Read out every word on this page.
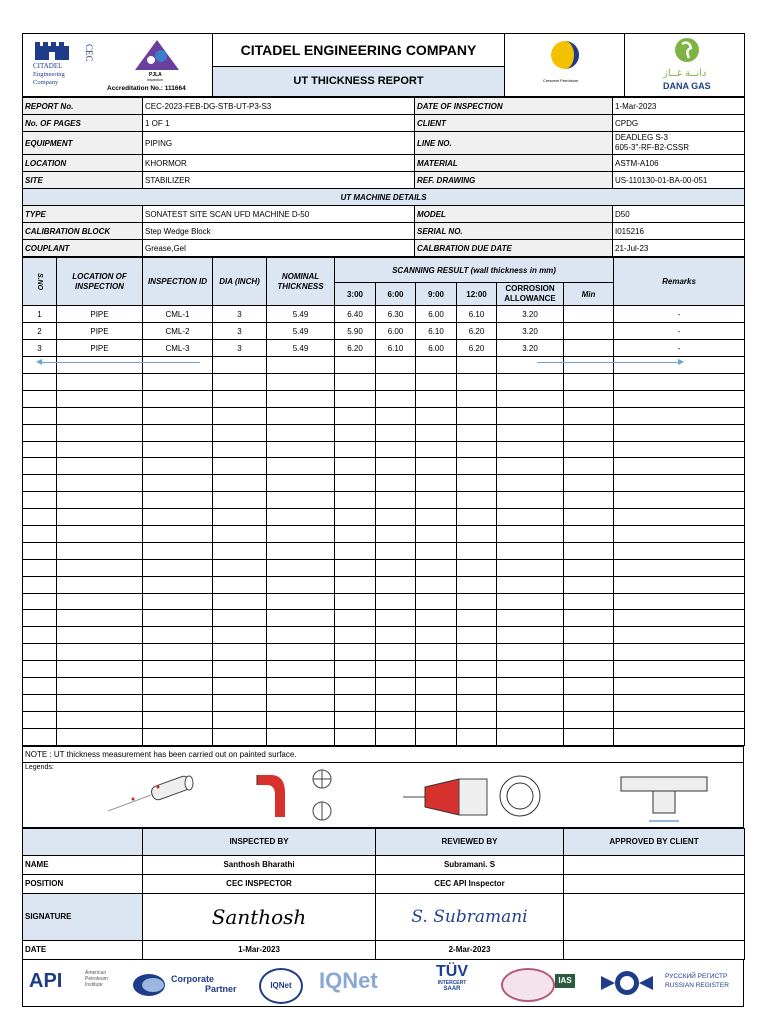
CITADEL
Engineering
Company
CEC
PJLA
Inspection
Accreditation No.: 111664
	CITADEL ENGINEERING COMPANY	
Crescent Petroleum

دانــة غــاز
DANA GAS

UT THICKNESS REPORT
REPORT No.	CEC-2023-FEB-DG-STB-UT-P3-S3	DATE OF INSPECTION	1-Mar-2023
No. OF PAGES	1 OF 1	CLIENT	CPDG
EQUIPMENT	PIPING	LINE NO.	DEADLEG S-3
605-3"-RF-B2-CSSR

LOCATION	KHORMOR	MATERIAL	ASTM-A106
SITE	STABILIZER	REF. DRAWING	US-110130-01-BA-00-051
UT MACHINE DETAILS			
TYPE	SONATEST SITE SCAN UFD MACHINE D-50	MODEL	D50
CALIBRATION BLOCK	Step Wedge Block	SERIAL NO.	I015216
COUPLANT	Grease,Gel	CALBRATION DUE DATE	21-Jul-23
S.NO	LOCATION OF INSPECTION	INSPECTION ID	DIA (INCH)	NOMINAL THICKNESS	SCANNING RESULT (wall thickness in mm)						Remarks
					3:00	6:00	9:00	12:00	CORROSION ALLOWANCE	Min	
1	PIPE	CML-1	3	5.49	6.40	6.30	6.00	6.10	3.20		-
2	PIPE	CML-2	3	5.49	5.90	6.00	6.10	6.20	3.20		-
3	PIPE	CML-3	3	5.49	6.20	6.10	6.00	6.20	3.20		-

◀	▶
NOTE : UT thickness measurement has been carried out on painted surface.

Legends:
	INSPECTED BY	REVIEWED BY	APPROVED BY CLIENT
NAME	Santhosh Bharathi	Subramani. S	
POSITION	CEC INSPECTOR	CEC API Inspector	
SIGNATURE	Santhosh	S. Subramani	
DATE	1-Mar-2023	2-Mar-2023	
API	American
Petroleum
Institute
Corporate
Partner	IQNet	IQNet	TÜV
INTERCERT
SAAR
IAS	РУССКИЙ РЕГИСТР
RUSSIAN REGISTER
